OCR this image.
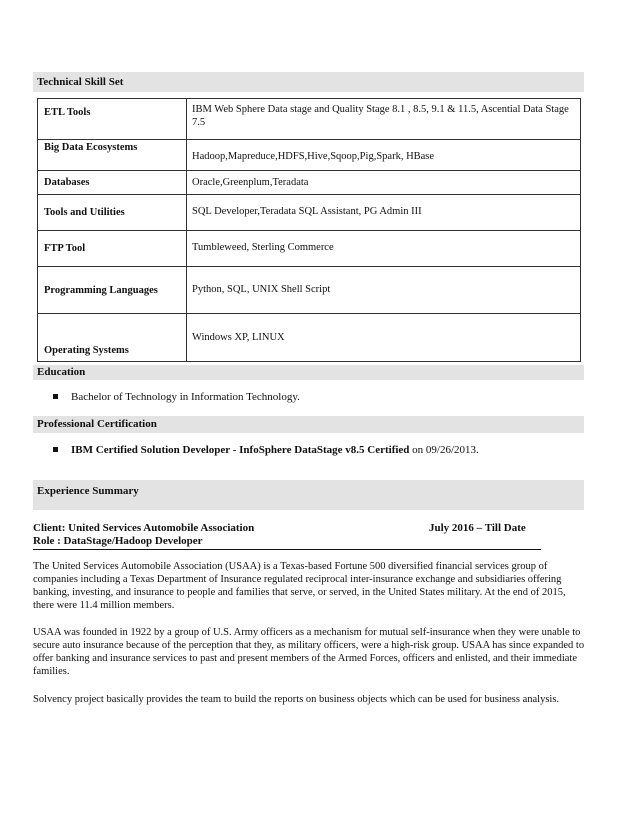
Technical Skill Set
ETL Tools	IBM Web Sphere Data stage and Quality Stage 8.1 , 8.5, 9.1 & 11.5, Ascential Data Stage 7.5
Big Data Ecosystems	Hadoop,Mapreduce,HDFS,Hive,Sqoop,Pig,Spark, HBase
Databases	Oracle,Greenplum,Teradata
Tools and Utilities	SQL Developer,Teradata SQL Assistant, PG Admin III
FTP Tool	Tumbleweed, Sterling Commerce
Programming Languages	Python, SQL, UNIX Shell Script
Operating Systems	Windows XP, LINUX
Education
Bachelor of Technology in Information Technology.
Professional Certification
IBM Certified Solution Developer - InfoSphere DataStage v8.5 Certified on 09/26/2013.
Experience Summary
Client: United Services Automobile Association	July 2016 – Till Date
Role : DataStage/Hadoop Developer
The United Services Automobile Association (USAA) is a Texas-based Fortune 500 diversified financial services group of companies including a Texas Department of Insurance regulated reciprocal inter-insurance exchange and subsidiaries offering banking, investing, and insurance to people and families that serve, or served, in the United States military. At the end of 2015, there were 11.4 million members.
USAA was founded in 1922 by a group of U.S. Army officers as a mechanism for mutual self-insurance when they were unable to secure auto insurance because of the perception that they, as military officers, were a high-risk group. USAA has since expanded to offer banking and insurance services to past and present members of the Armed Forces, officers and enlisted, and their immediate families.
Solvency project basically provides the team to build the reports on business objects which can be used for business analysis.
